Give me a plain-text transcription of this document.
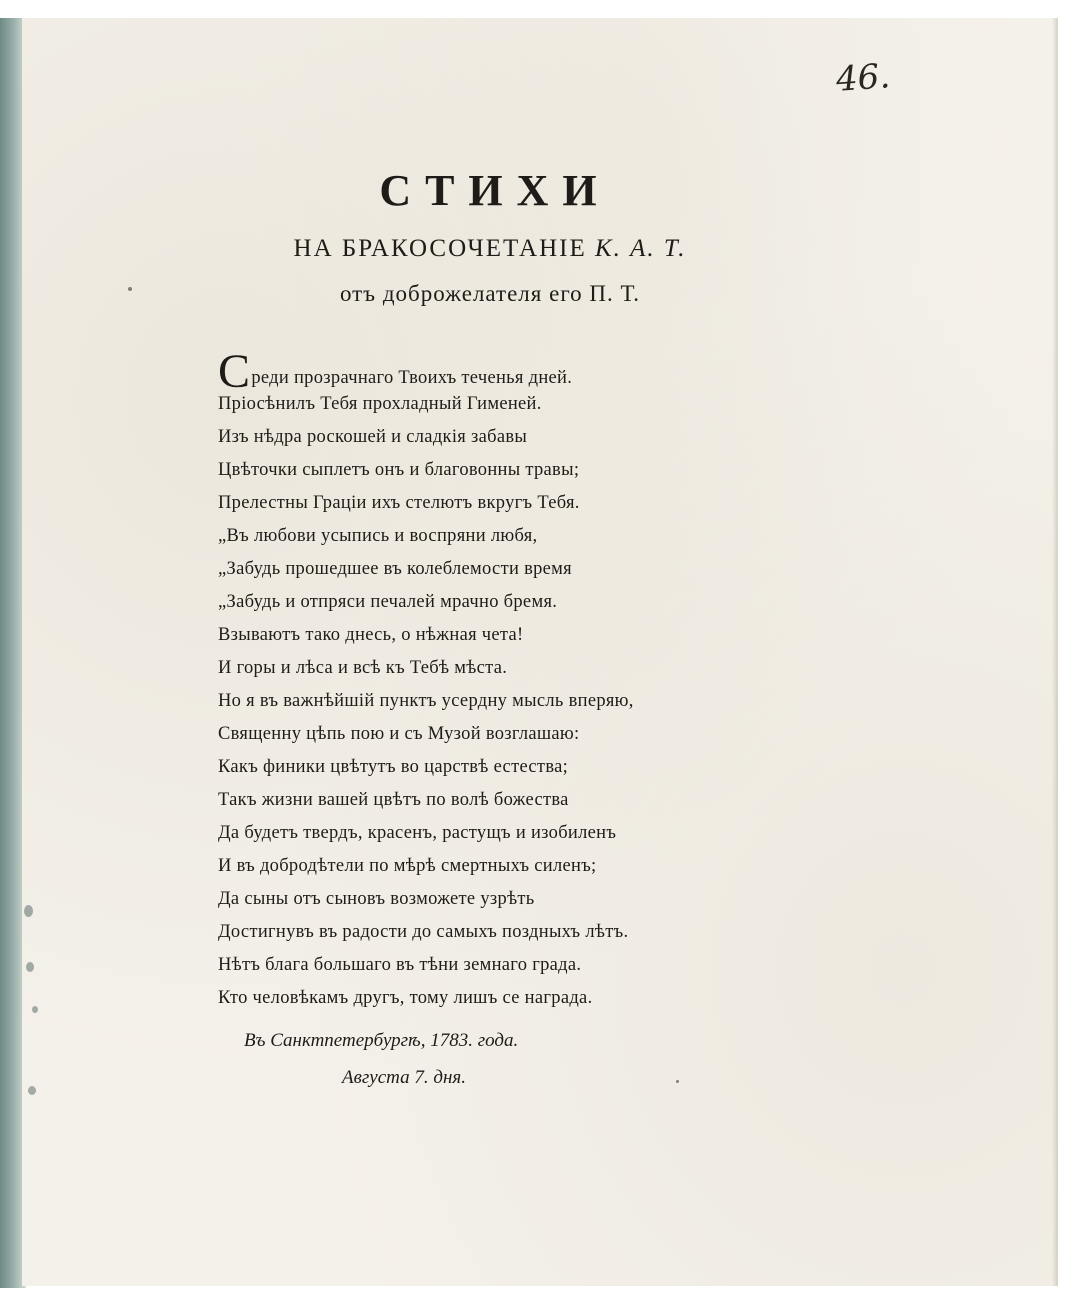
46.
СТИХИ
НА БРАКОСОЧЕТАНІЕ К. А. Т.
отъ доброжелателя его П. Т.
Среди прозрачнаго Твоихъ теченья дней.
Пріосѣнилъ Тебя прохладный Гименей.
Изъ нѣдра роскошей и сладкія забавы
Цвѣточки сыплетъ онъ и благовонны травы;
Прелестны Граціи ихъ стелютъ вкругъ Тебя.
„Въ любови усыпись и воспряни любя,
„Забудь прошедшее въ колеблемости время
„Забудь и отпряси печалей мрачно бремя.
Взываютъ тако днесь, о нѣжная чета!
И горы и лѣса и всѣ къ Тебѣ мѣста.
Но я въ важнѣйшій пунктъ усердну мысль вперяю,
Священну цѣпь пою и съ Музой возглашаю:
Какъ финики цвѣтутъ во царствѣ естества;
Такъ жизни вашей цвѣтъ по волѣ божества
Да будетъ твердъ, красенъ, растущъ и изобиленъ
И въ добродѣтели по мѣрѣ смертныхъ силенъ;
Да сыны отъ сыновъ возможете узрѣть
Достигнувъ въ радости до самыхъ поздныхъ лѣтъ.
Нѣтъ блага большаго въ тѣни земнаго града.
Кто человѣкамъ другъ, тому лишъ се награда.
Въ Санктпетербургѣ, 1783. года.
Августа 7. дня.
